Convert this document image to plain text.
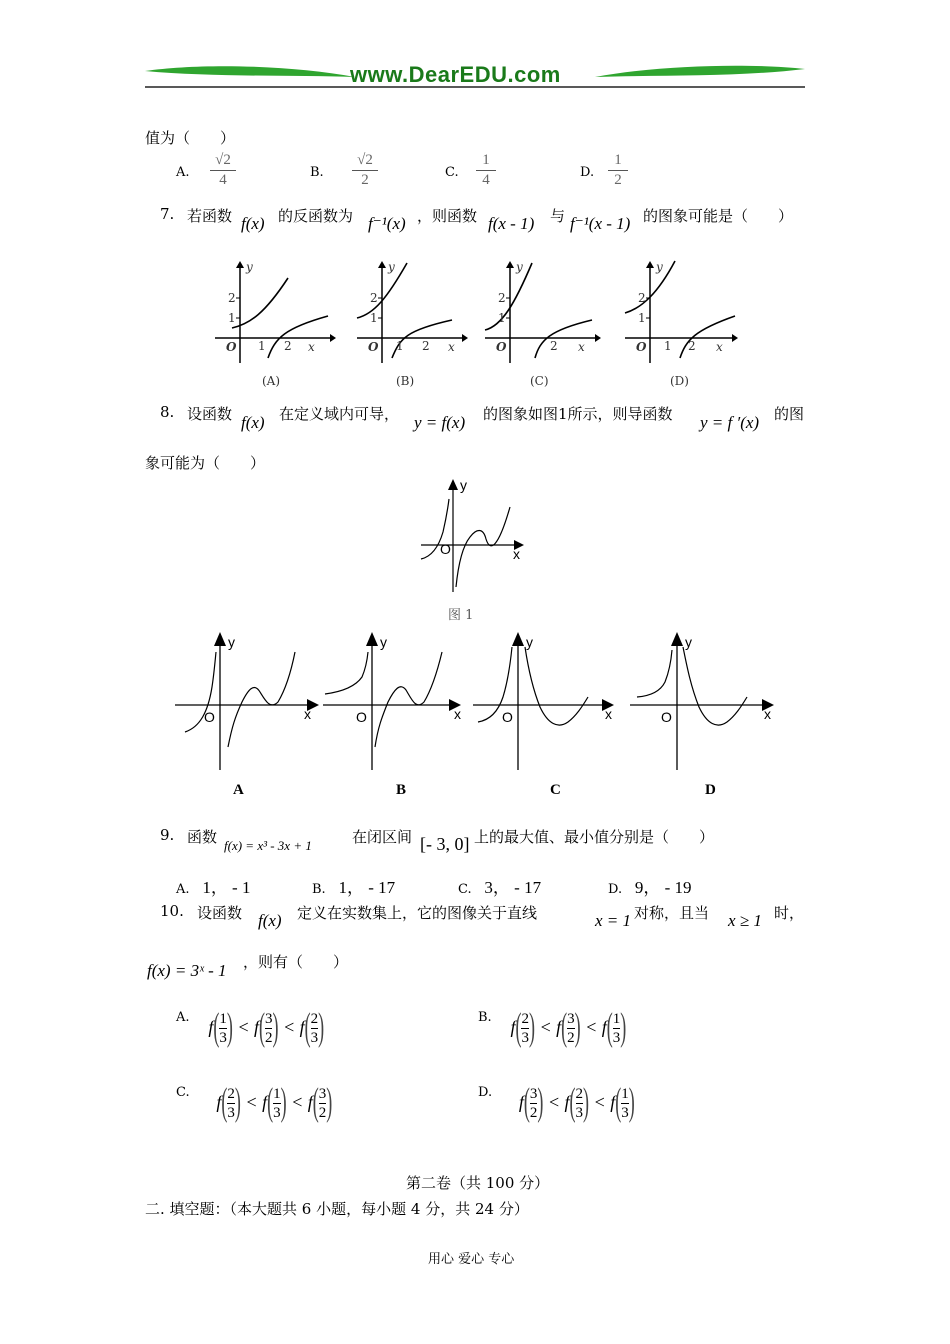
www.DearEDU.com
值为（　　）
A.
√2
4	B.
√2
2	C.
1
4	D.
1
2
7. 若函数 f(x) 的反函数为 f⁻¹(x) ，则函数 f(x - 1) 与 f⁻¹(x - 1) 的图象可能是（　　）
y
2
1
O 1 2 x
(A)
y
2
1
O 1 2 x
(B)
y
2
1
O	2 x
(C)
y
2
1
O 1 2 x
(D)
8. 设函数 f(x) 在定义域内可导， y = f(x) 的图象如图1所示，则导函数 y = f ′(x) 的图
象可能为（　　）
y
O	x
图 1
y
O	x
A
y
O	x
B
y
O	x
C
y
O	x
D
9. 函数 f(x) = x³ - 3x + 1	在闭区间 [- 3, 0] 上的最大值、最小值分别是（　　）
A. 1， - 1	B. 1， - 17	C. 3， - 17	D. 9， - 19
10. 设函数 f(x) 定义在实数集上，它的图像关于直线	x = 1 对称，且当 x ≥ 1 时，
f(x) = 3ˣ - 1 ，则有（　　）
A. $f(\frac{1}{3}$ ) < $f(\frac{3}{2}$ ) < $f(\frac{2}{3}$ )	B. $f(\frac{2}{3}$ ) < $f(\frac{3}{2}$ ) < $f(\frac{1}{3}$ )
C. $f(\frac{2}{3}$ ) < $f(\frac{1}{3}$ ) < $f(\frac{3}{2}$ )	D. $f(\frac{3}{2}$ ) < $f(\frac{2}{3}$ ) < $f(\frac{1}{3}$ )
第二卷（共 100 分）
二. 填空题：（本大题共 6 小题，每小题 4 分，共 24 分）
用心 爱心 专心
